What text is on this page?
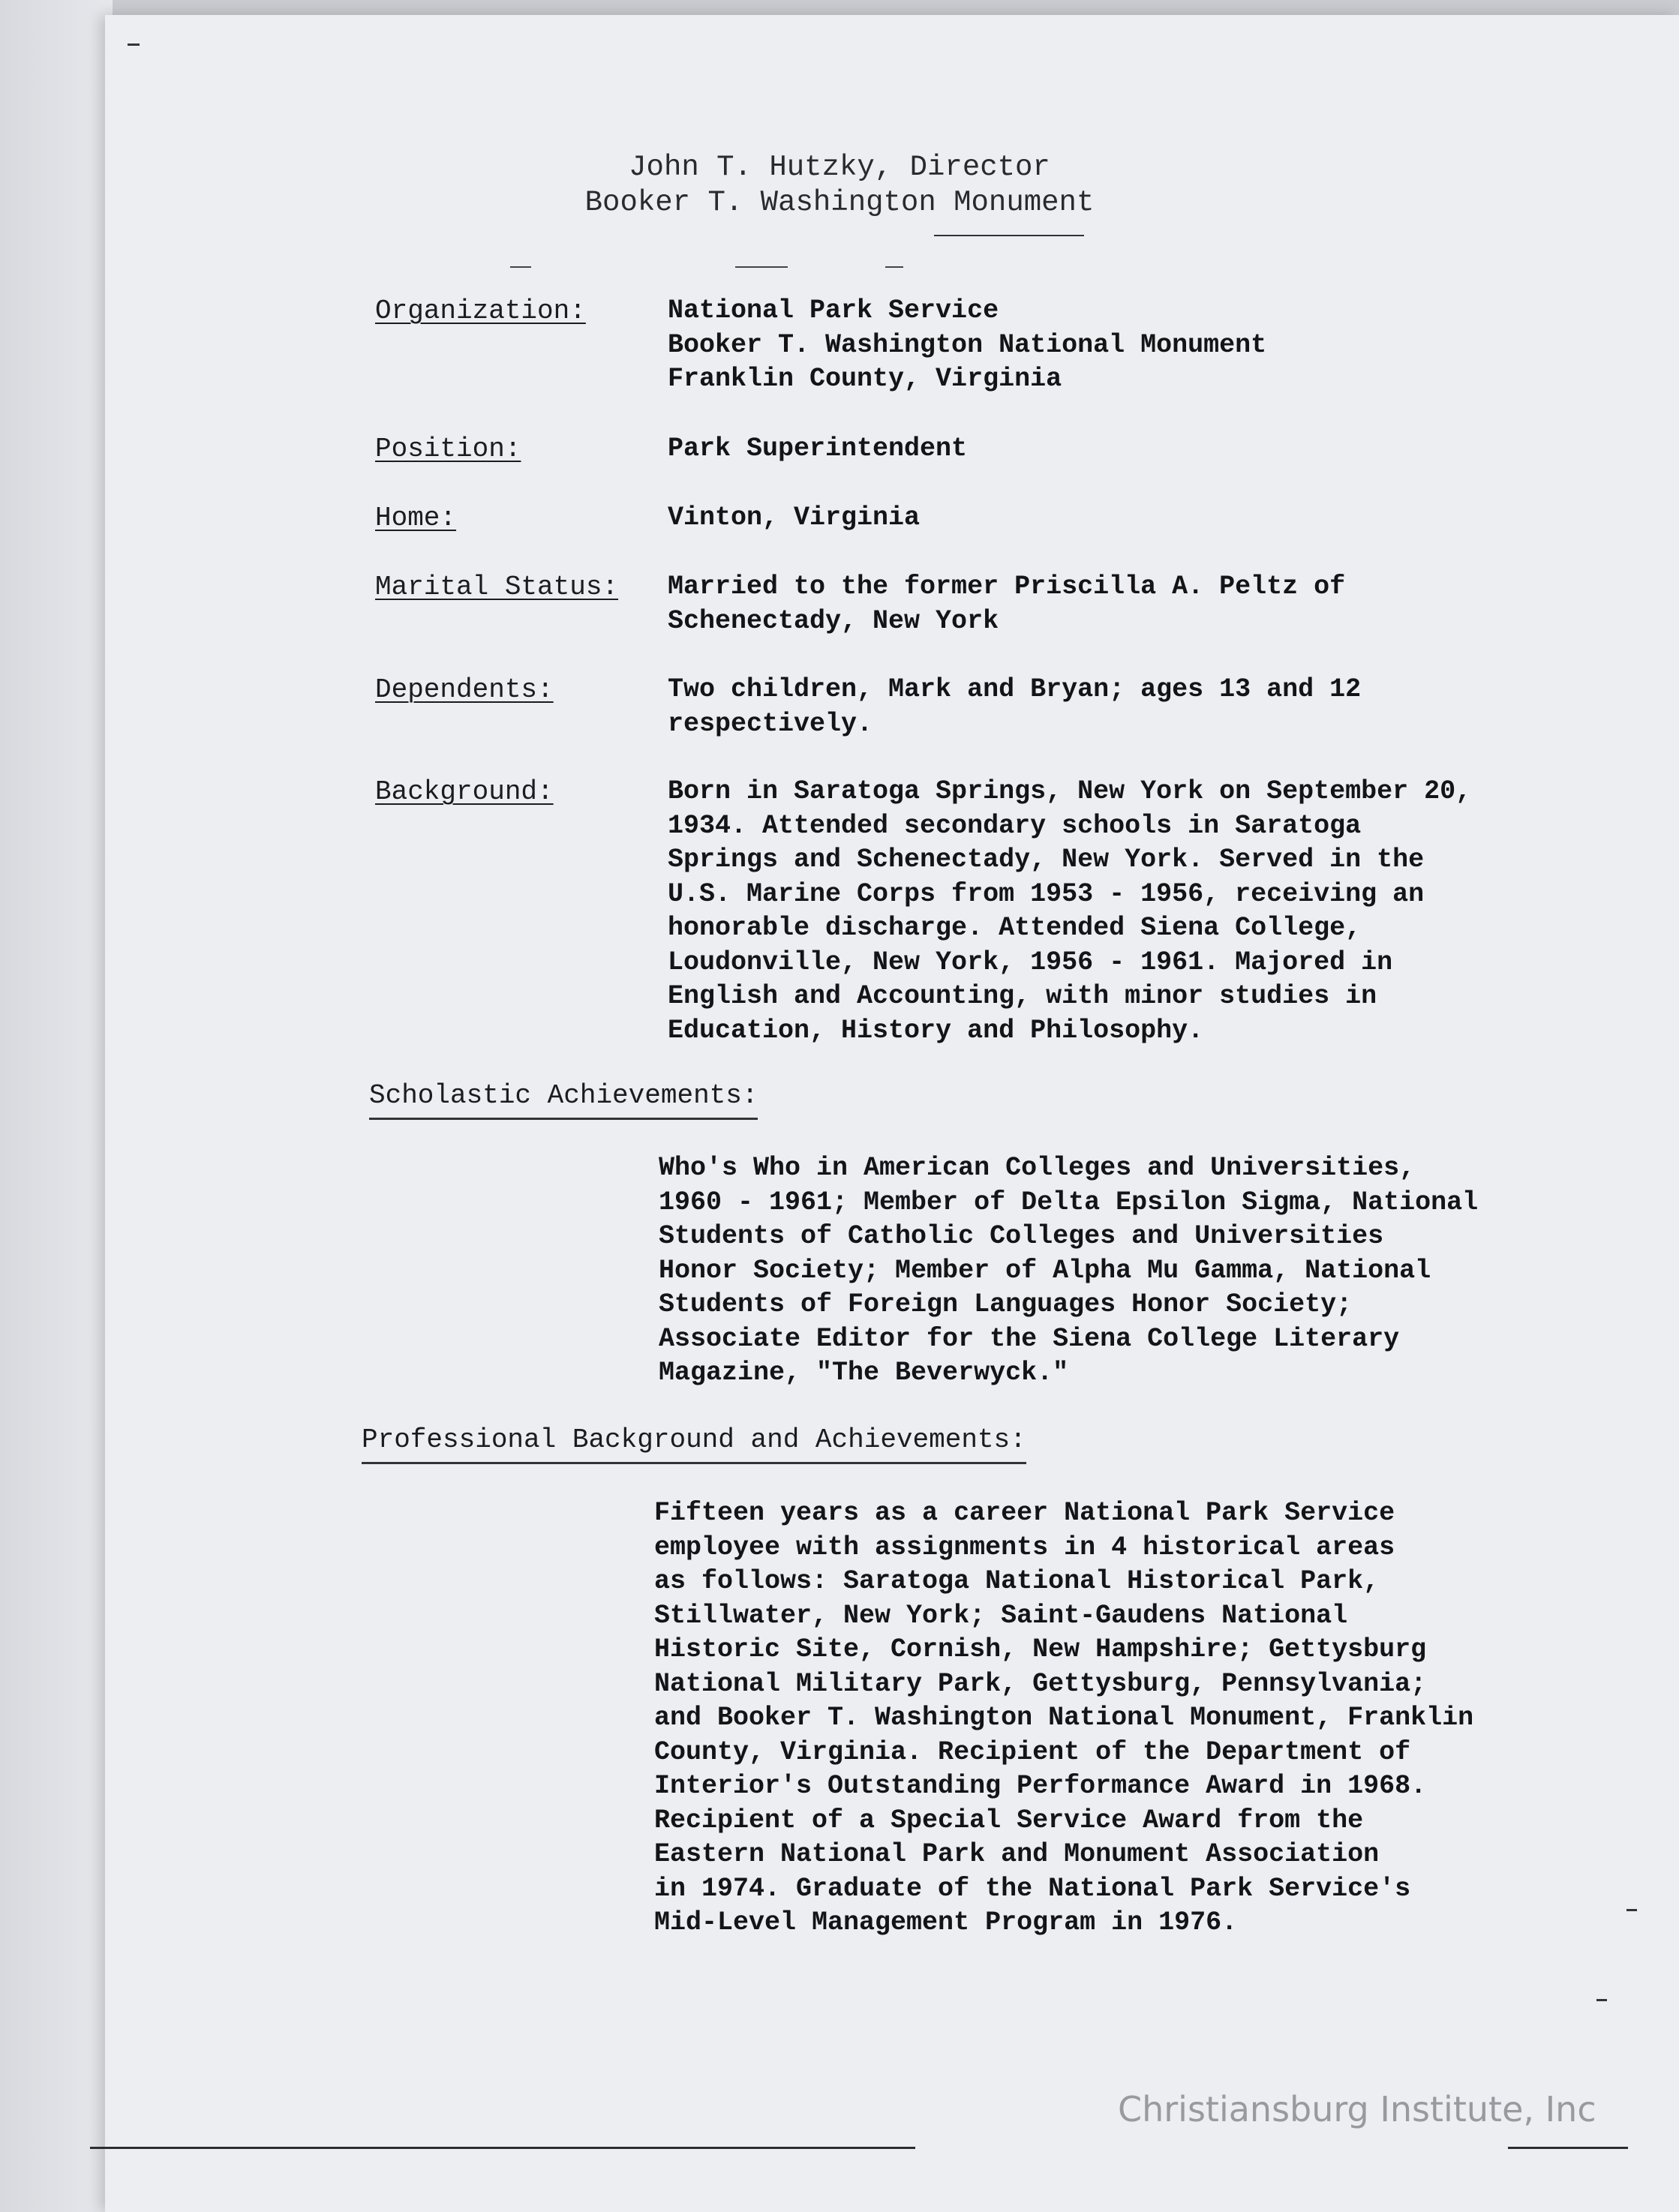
John T. Hutzky, Director
Booker T. Washington Monument
Organization:	National Park Service
Booker T. Washington National Monument
Franklin County, Virginia
Position:	Park Superintendent
Home:	Vinton, Virginia
Marital Status: Married to the former Priscilla A. Peltz of
Schenectady, New York
Dependents:	Two children, Mark and Bryan; ages 13 and 12
respectively.
Background:	Born in Saratoga Springs, New York on September 20,
1934. Attended secondary schools in Saratoga
Springs and Schenectady, New York. Served in the
U.S. Marine Corps from 1953 - 1956, receiving an
honorable discharge. Attended Siena College,
Loudonville, New York, 1956 - 1961. Majored in
English and Accounting, with minor studies in
Education, History and Philosophy.
Scholastic Achievements:
Who's Who in American Colleges and Universities,
1960 - 1961; Member of Delta Epsilon Sigma, National
Students of Catholic Colleges and Universities
Honor Society; Member of Alpha Mu Gamma, National
Students of Foreign Languages Honor Society;
Associate Editor for the Siena College Literary
Magazine, "The Beverwyck."
Professional Background and Achievements:
Fifteen years as a career National Park Service
employee with assignments in 4 historical areas
as follows: Saratoga National Historical Park,
Stillwater, New York; Saint-Gaudens National
Historic Site, Cornish, New Hampshire; Gettysburg
National Military Park, Gettysburg, Pennsylvania;
and Booker T. Washington National Monument, Franklin
County, Virginia. Recipient of the Department of
Interior's Outstanding Performance Award in 1968.
Recipient of a Special Service Award from the
Eastern National Park and Monument Association
in 1974. Graduate of the National Park Service's
Mid-Level Management Program in 1976.
Christiansburg Institute, Inc
